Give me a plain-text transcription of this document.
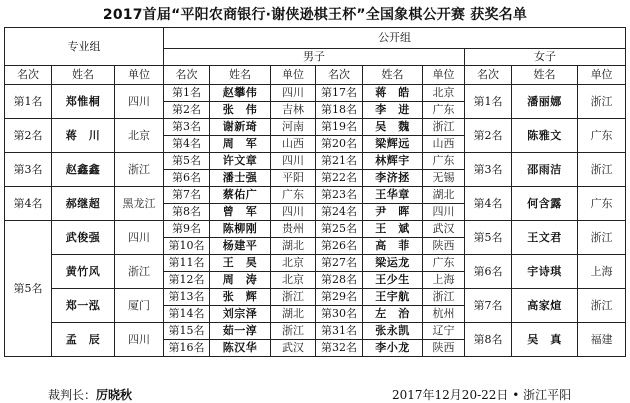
2017首届“平阳农商银行·谢侠逊棋王杯”全国象棋公开赛 获奖名单
专业组			公开组								
			男子						女子		
名次	姓名	单位	名次	姓名	单位	名次	姓名	单位	名次	姓名	单位
第1名	郑惟桐	四川	第1名	赵攀伟	四川	第17名	蒋　皓	北京	第1名	潘丽娜	浙江
			第2名	张　伟	吉林	第18名	李　进	广东			
第2名	蒋　川	北京	第3名	谢新琦	河南	第19名	吴　魏	浙江	第2名	陈雅文	广东
			第4名	周　军	山西	第20名	梁辉远	山西			
第3名	赵鑫鑫	浙江	第5名	许文章	四川	第21名	林辉宇	广东	第3名	邵雨洁	浙江
			第6名	潘士强	平阳	第22名	李济拯	无锡			
第4名	郝继超	黑龙江	第7名	蔡佑广	广东	第23名	王华章	湖北	第4名	何含露	广东
			第8名	曾　军	四川	第24名	尹　晖	四川			
第5名	武俊强	四川	第9名	陈柳刚	贵州	第25名	王　斌	武汉	第5名	王文君	浙江
			第10名	杨建平	湖北	第26名	高　菲	陕西			
	黄竹风	浙江	第11名	王　昊	北京	第27名	梁运龙	广东	第6名	宇诗琪	上海
			第12名	周　涛	北京	第28名	王少生	上海			
	郑一泓	厦门	第13名	张　辉	浙江	第29名	王宇航	浙江	第7名	高家煊	浙江
			第14名	刘宗泽	湖北	第30名	左　治	杭州			
	孟　辰	四川	第15名	茹一淳	浙江	第31名	张永凯	辽宁	第8名	吴　真	福建
			第16名	陈汉华	武汉	第32名	李小龙	陕西			
裁判长：厉晓秋	2017年12月20-22日 • 浙江平阳
